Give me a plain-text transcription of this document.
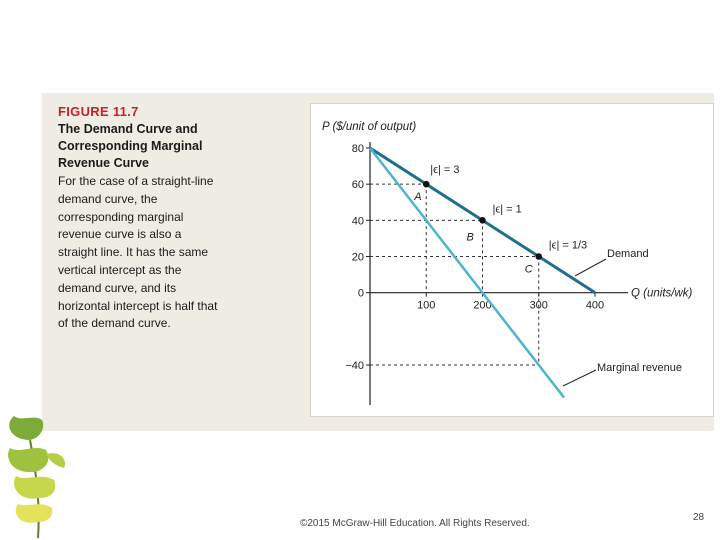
FIGURE 11.7
The Demand Curve and Corresponding Marginal Revenue Curve
For the case of a straight-line demand curve, the corresponding marginal revenue curve is also a straight line. It has the same vertical intercept as the demand curve, and its horizontal intercept is half that of the demand curve.
P ($/unit of output)
Q (units/wk)
80
60
40
20
0
−40
100	200	300	400
A
|ϵ| = 3
B
|ϵ| = 1
C
|ϵ| = 1/3
Demand
Marginal revenue
©2015 McGraw-Hill Education. All Rights Reserved.
28
